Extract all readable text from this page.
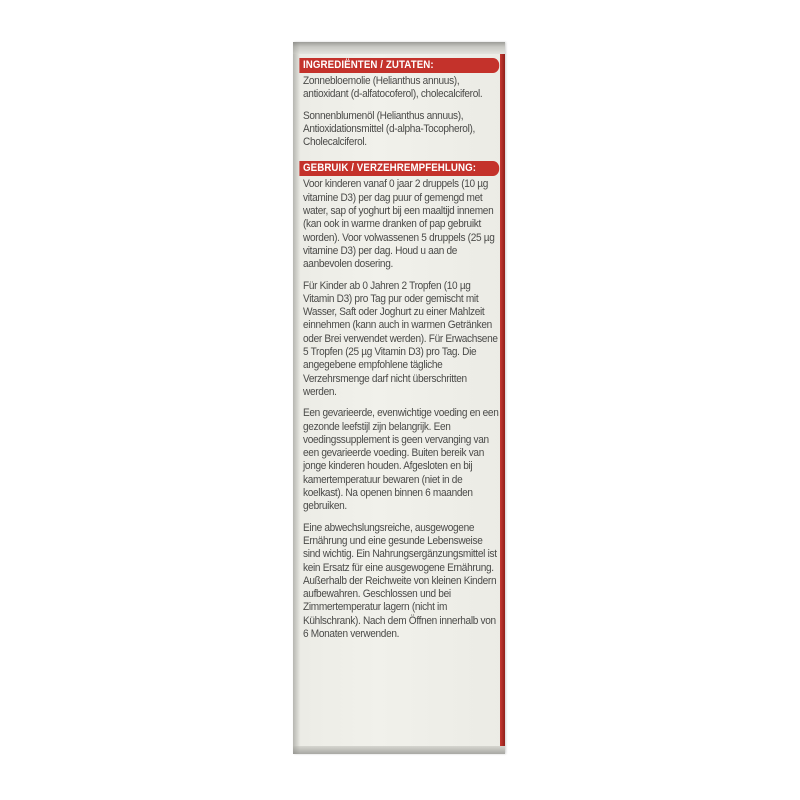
INGREDIËNTEN / ZUTATEN:

Zonnebloemolie (Helianthus annuus), antioxidant (d-alfatocoferol), cholecalciferol.

Sonnenblumenöl (Helianthus annuus), Antioxidationsmittel (d-alpha-Tocopherol), Cholecalciferol.

GEBRUIK / VERZEHREMPFEHLUNG:

Voor kinderen vanaf 0 jaar 2 druppels (10 µg vitamine D3) per dag puur of gemengd met water, sap of yoghurt bij een maaltijd innemen (kan ook in warme dranken of pap gebruikt worden). Voor volwassenen 5 druppels (25 µg vitamine D3) per dag. Houd u aan de aanbevolen dosering.

Für Kinder ab 0 Jahren 2 Tropfen (10 µg Vitamin D3) pro Tag pur oder gemischt mit Wasser, Saft oder Joghurt zu einer Mahlzeit einnehmen (kann auch in warmen Getränken oder Brei verwendet werden). Für Erwachsene 5 Tropfen (25 µg Vitamin D3) pro Tag. Die angegebene empfohlene tägliche Verzehrsmenge darf nicht überschritten werden.

Een gevarieerde, evenwichtige voeding en een gezonde leefstijl zijn belangrijk. Een voedingssupplement is geen vervanging van een gevarieerde voeding. Buiten bereik van jonge kinderen houden. Afgesloten en bij kamertemperatuur bewaren (niet in de koelkast). Na openen binnen 6 maanden gebruiken.

Eine abwechslungsreiche, ausgewogene Ernährung und eine gesunde Lebensweise sind wichtig. Ein Nahrungsergänzungsmittel ist kein Ersatz für eine ausgewogene Ernährung. Außerhalb der Reichweite von kleinen Kindern aufbewahren. Geschlossen und bei Zimmertemperatur lagern (nicht im Kühlschrank). Nach dem Öffnen innerhalb von 6 Monaten verwenden.
